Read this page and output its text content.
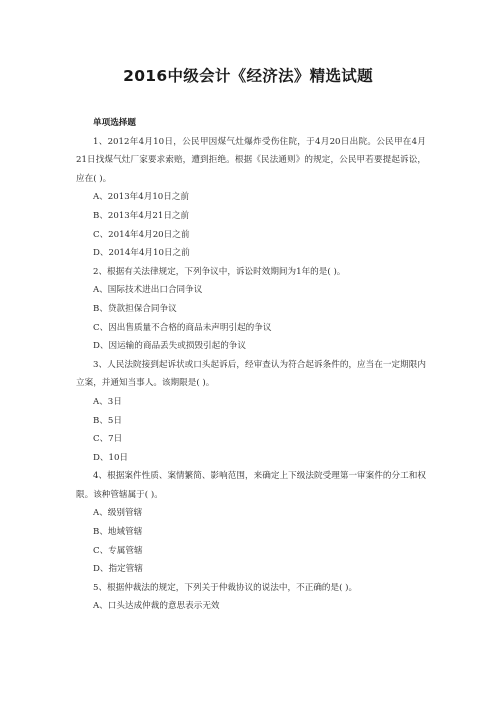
2016中级会计《经济法》精选试题
单项选择题

1、2012年4月10日，公民甲因煤气灶爆炸受伤住院，于4月20日出院。公民甲在4月21日找煤气灶厂家要求索赔，遭到拒绝。根据《民法通则》的规定，公民甲若要提起诉讼，应在( )。

A、2013年4月10日之前

B、2013年4月21日之前

C、2014年4月20日之前

D、2014年4月10日之前

2、根据有关法律规定，下列争议中，诉讼时效期间为1年的是( )。

A、国际技术进出口合同争议

B、贷款担保合同争议

C、因出售质量不合格的商品未声明引起的争议

D、因运输的商品丢失或损毁引起的争议

3、人民法院接到起诉状或口头起诉后，经审查认为符合起诉条件的，应当在一定期限内立案，并通知当事人。该期限是( )。

A、3日

B、5日

C、7日

D、10日

4、根据案件性质、案情繁简、影响范围，来确定上下级法院受理第一审案件的分工和权限。该种管辖属于( )。

A、级别管辖

B、地域管辖

C、专属管辖

D、指定管辖

5、根据仲裁法的规定，下列关于仲裁协议的说法中，不正确的是( )。

A、口头达成仲裁的意思表示无效
